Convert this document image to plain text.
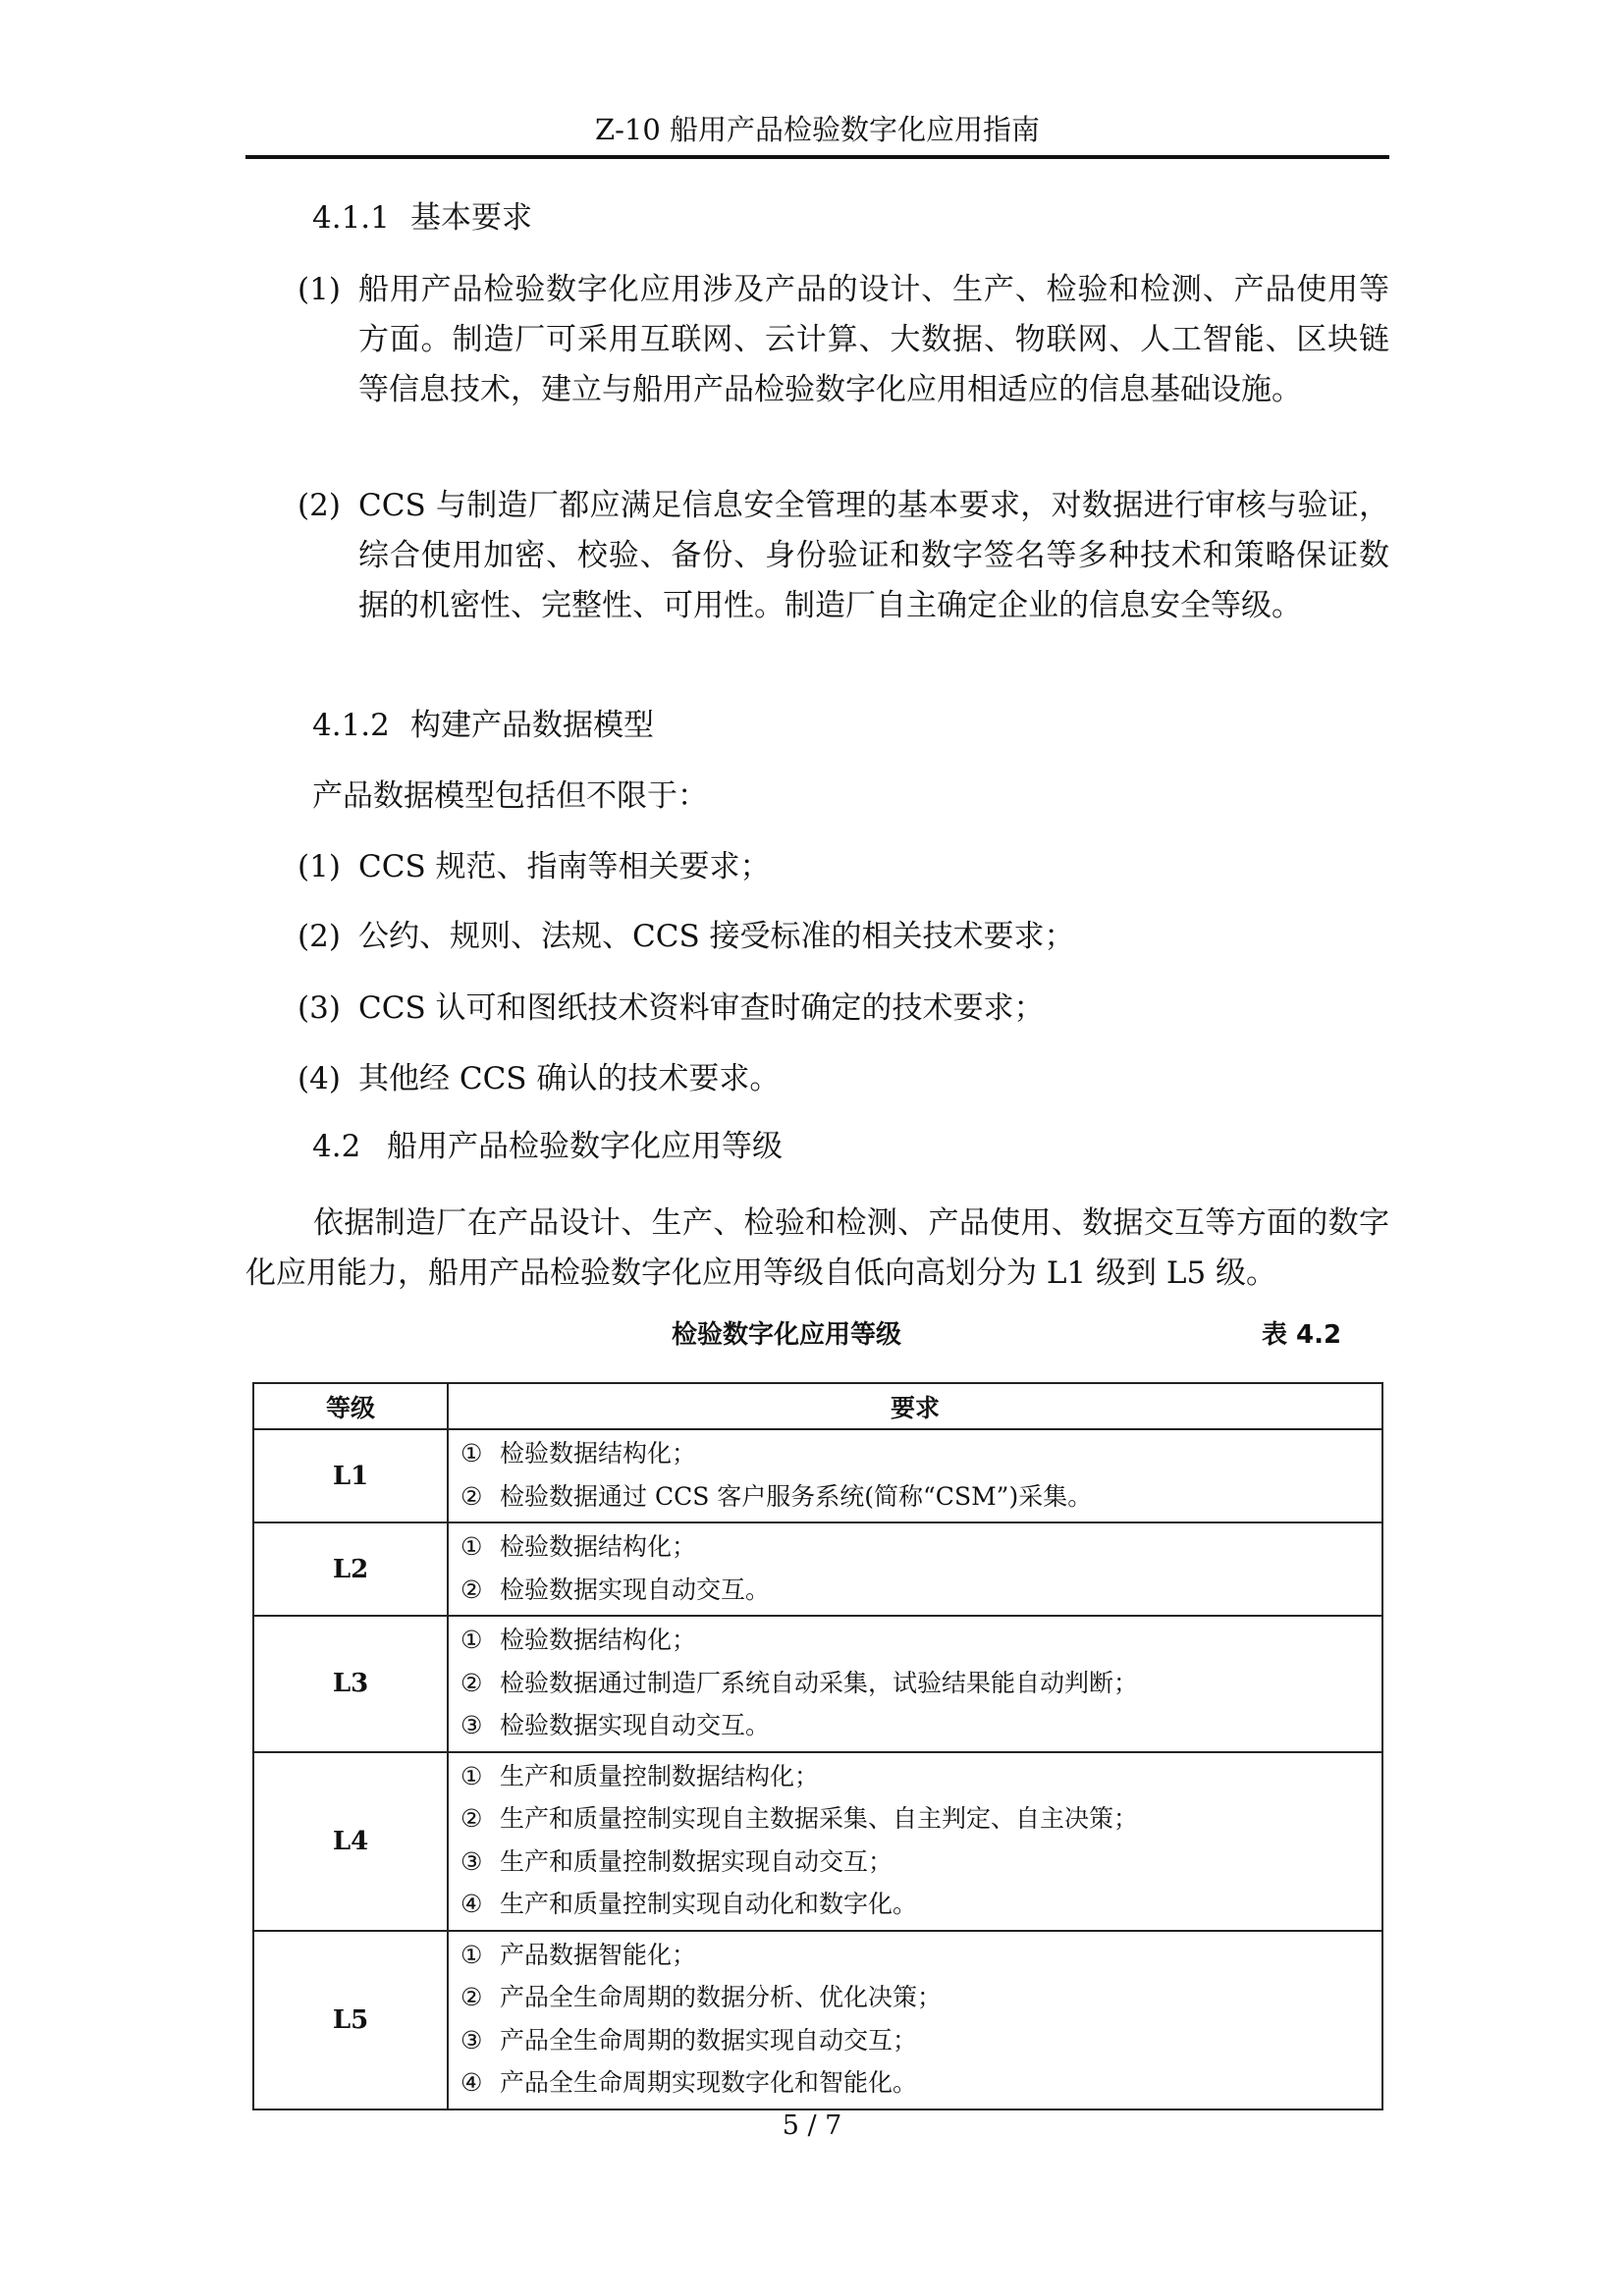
Z-10 船用产品检验数字化应用指南
4.1.1 基本要求
(1) 船用产品检验数字化应用涉及产品的设计、生产、检验和检测、产品使用等方面。制造厂可采用互联网、云计算、大数据、物联网、人工智能、区块链等信息技术，建立与船用产品检验数字化应用相适应的信息基础设施。
(2) CCS 与制造厂都应满足信息安全管理的基本要求，对数据进行审核与验证，综合使用加密、校验、备份、身份验证和数字签名等多种技术和策略保证数据的机密性、完整性、可用性。制造厂自主确定企业的信息安全等级。
4.1.2 构建产品数据模型
产品数据模型包括但不限于：
(1) CCS 规范、指南等相关要求；
(2) 公约、规则、法规、CCS 接受标准的相关技术要求；
(3) CCS 认可和图纸技术资料审查时确定的技术要求；
(4) 其他经 CCS 确认的技术要求。
4.2 船用产品检验数字化应用等级
依据制造厂在产品设计、生产、检验和检测、产品使用、数据交互等方面的数字化应用能力，船用产品检验数字化应用等级自低向高划分为 L1 级到 L5 级。
检验数字化应用等级	表 4.2
等级	要求
L1	① 检验数据结构化；
② 检验数据通过 CCS 客户服务系统(简称“CSM”)采集。

L2	① 检验数据结构化；
② 检验数据实现自动交互。

L3	① 检验数据结构化；
② 检验数据通过制造厂系统自动采集，试验结果能自动判断；
③ 检验数据实现自动交互。

L4	① 生产和质量控制数据结构化；
② 生产和质量控制实现自主数据采集、自主判定、自主决策；
③ 生产和质量控制数据实现自动交互；
④ 生产和质量控制实现自动化和数字化。

L5	① 产品数据智能化；
② 产品全生命周期的数据分析、优化决策；
③ 产品全生命周期的数据实现自动交互；
④ 产品全生命周期实现数字化和智能化。
5 / 7
